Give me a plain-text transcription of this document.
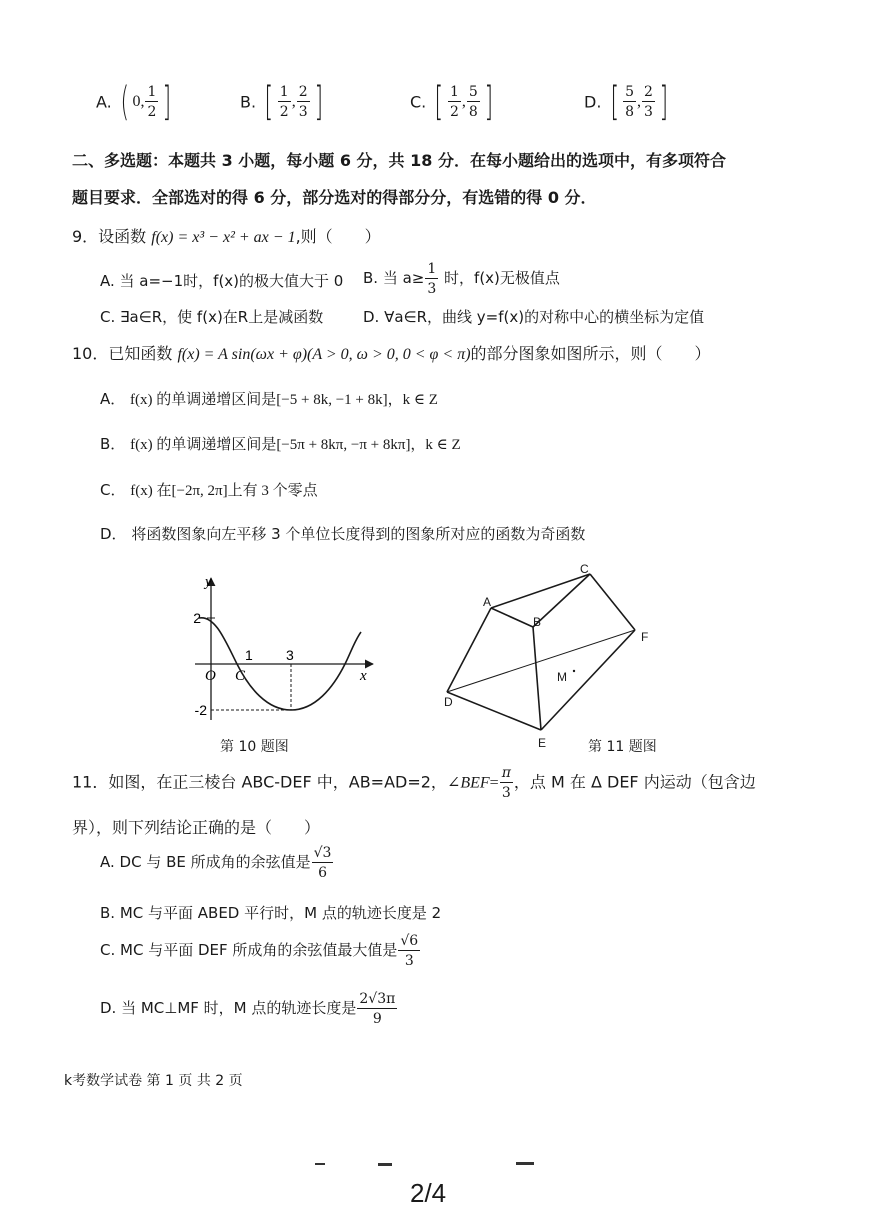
A. ( 0, $\frac{1}{2}$ ]	B. [ $\frac{1}{2}$ , $\frac{2}{3}$ ]	C. [ $\frac{1}{2}$ , $\frac{5}{8}$ ]	D. [ $\frac{5}{8}$ , $\frac{2}{3}$ ]
二、多选题：本题共 3 小题，每小题 6 分，共 18 分．在每小题给出的选项中，有多项符合
题目要求．全部选对的得 6 分，部分选对的得部分分，有选错的得 0 分．
9．设函数 f(x) = x³ − x² + ax − 1,则（　　）
A. 当 a=−1时，f(x)的极大值大于 0 B. 当 $a\ge \frac{1}{3}$ 时，f(x)无极值点
C. ∃a∈R，使 f(x)在R上是减函数	D. ∀a∈R，曲线 y=f(x)的对称中心的横坐标为定值
10．已知函数 f(x) = A sin(ωx + φ)(A > 0, ω > 0, 0 < φ < π)的部分图象如图所示，则（　　）
A． f(x) 的单调递增区间是[−5 + 8k, −1 + 8k]，k ∈ Z
B． f(x) 的单调递增区间是[−5π + 8kπ, −π + 8kπ]，k ∈ Z
C． f(x) 在[−2π, 2π]上有 3 个零点
D． 将函数图象向左平移 3 个单位长度得到的图象所对应的函数为奇函数
y
x
O C
2
-2
1 3
第 10 题图
A
B
C
D
E
F
M
第 11 题图
11．如图，在正三棱台 ABC-DEF 中，AB=AD=2，∠BEF= $\frac{\pi}{3}$ ，点 M 在 Δ DEF 内运动（包含边
界），则下列结论正确的是（　　）
A. DC 与 BE 所成角的余弦值是 $\frac{√3}{6}$
B. MC 与平面 ABED 平行时，M 点的轨迹长度是 2
C. MC 与平面 DEF 所成角的余弦值最大值是 $\frac{√6}{3}$
D. 当 MC⊥MF 时，M 点的轨迹长度是 $\frac{2√3\pi}{9}$
k考数学试卷 第 1 页 共 2 页
2/4
